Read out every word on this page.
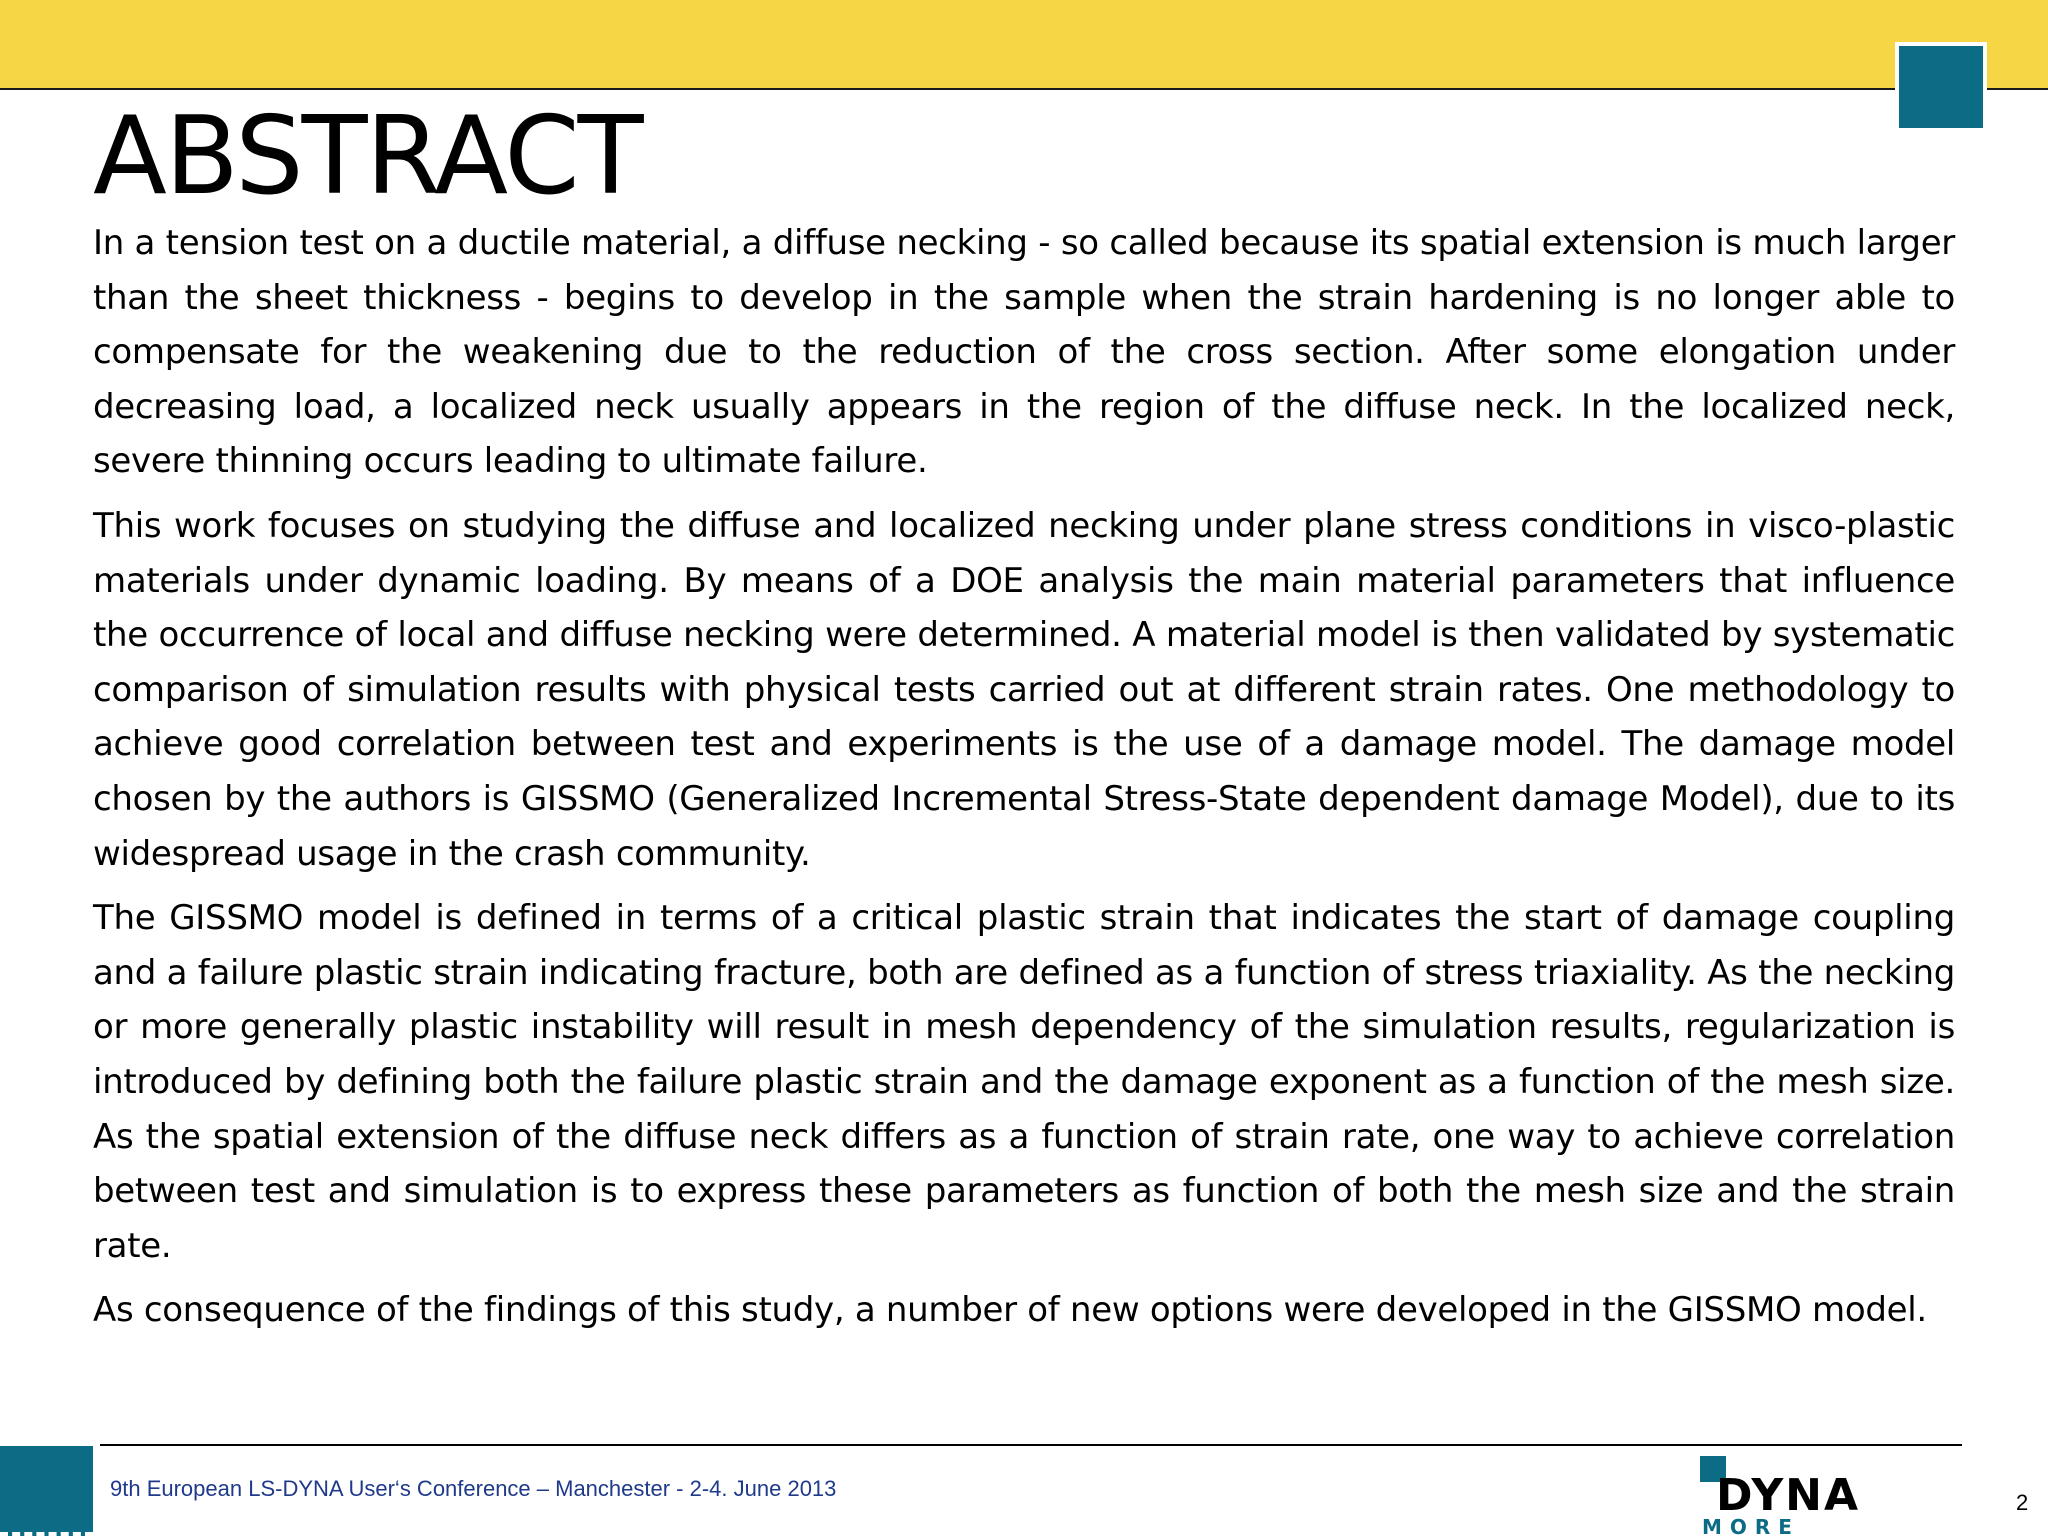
ABSTRACT

In a tension test on a ductile material, a diffuse necking - so called because its spatial extension is much larger than the sheet thickness - begins to develop in the sample when the strain hardening is no longer able to compensate for the weakening due to the reduction of the cross section. After some elongation under decreasing load, a localized neck usually appears in the region of the diffuse neck. In the localized neck, severe thinning occurs leading to ultimate failure.

This work focuses on studying the diffuse and localized necking under plane stress conditions in visco-plastic materials under dynamic loading. By means of a DOE analysis the main material parameters that influence the occurrence of local and diffuse necking were determined. A material model is then validated by systematic comparison of simulation results with physical tests carried out at different strain rates. One methodology to achieve good correlation between test and experiments is the use of a damage model. The damage model chosen by the authors is GISSMO (Generalized Incremental Stress-State dependent damage Model), due to its widespread usage in the crash community.

The GISSMO model is defined in terms of a critical plastic strain that indicates the start of damage coupling and a failure plastic strain indicating fracture, both are defined as a function of stress triaxiality. As the necking or more generally plastic instability will result in mesh dependency of the simulation results, regularization is introduced by defining both the failure plastic strain and the damage exponent as a function of the mesh size. As the spatial extension of the diffuse neck differs as a function of strain rate, one way to achieve correlation between test and simulation is to express these parameters as function of both the mesh size and the strain rate.

As consequence of the findings of this study, a number of new options were developed in the GISSMO model.

9th European LS-DYNA User‘s Conference – Manchester - 2-4. June 2013	DYNA
MORE
2
